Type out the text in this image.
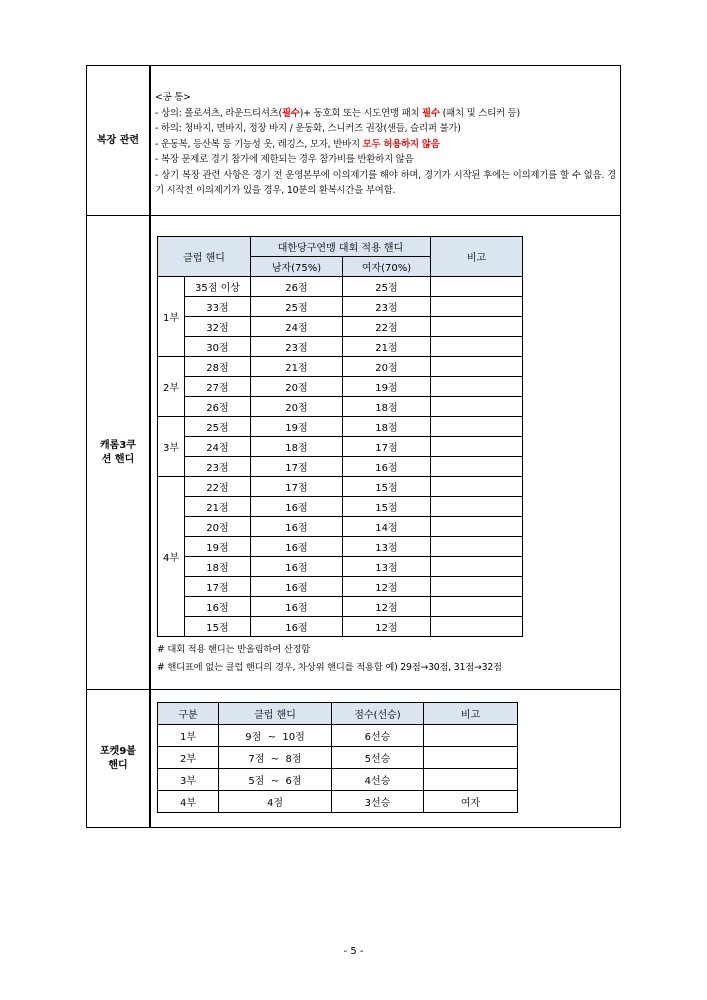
복장 관련	
<공 통>
- 상의: 폴로셔츠, 라운드티셔츠(필수)+ 동호회 또는 시도연맹 패치 필수 (패치 및 스티커 등)
- 하의: 청바지, 면바지, 정장 바지 / 운동화, 스니커즈 권장(샌들, 슬리퍼 불가)
- 운동복, 등산복 등 기능성 옷, 레깅스, 모자, 반바지 모두 허용하지 않음
- 복장 문제로 경기 참가에 제한되는 경우 참가비를 반환하지 않음
- 상기 복장 관련 사항은 경기 전 운영본부에 이의제기를 해야 하며, 경기가 시작된 후에는 이의제기를 할 수 없음. 경기 시작전 이의제기가 있을 경우, 10분의 환복시간을 부여함.

캐롬3쿠션 핸디	
클럽 핸디	대한당구연맹 대회 적용 핸디	비고
남자(75%)	여자(70%)
1부	35점 이상	26점	25점	
33점	25점	23점	
32점	24점	22점	
30점	23점	21점	
2부	28점	21점	20점	
27점	20점	19점	
26점	20점	18점	
3부	25점	19점	18점	
24점	18점	17점	
23점	17점	16점	
4부	22점	17점	15점	
21점	16점	15점	
20점	16점	14점	
19점	16점	13점	
18점	16점	13점	
17점	16점	12점	
16점	16점	12점	
15점	16점	12점	
# 대회 적용 핸디는 반올림하여 산정함
# 핸디표에 없는 클럽 핸디의 경우, 차상위 핸디를 적용함 예) 29점→30점, 31점→32점

포켓9볼 핸디	
구분	클럽 핸디	점수(선승)	비고
1부	9점  ~  10점	6선승	
2부	7점  ~  8점	5선승	
3부	5점  ~  6점	4선승	
4부	4점	3선승	여자
- 5 -
